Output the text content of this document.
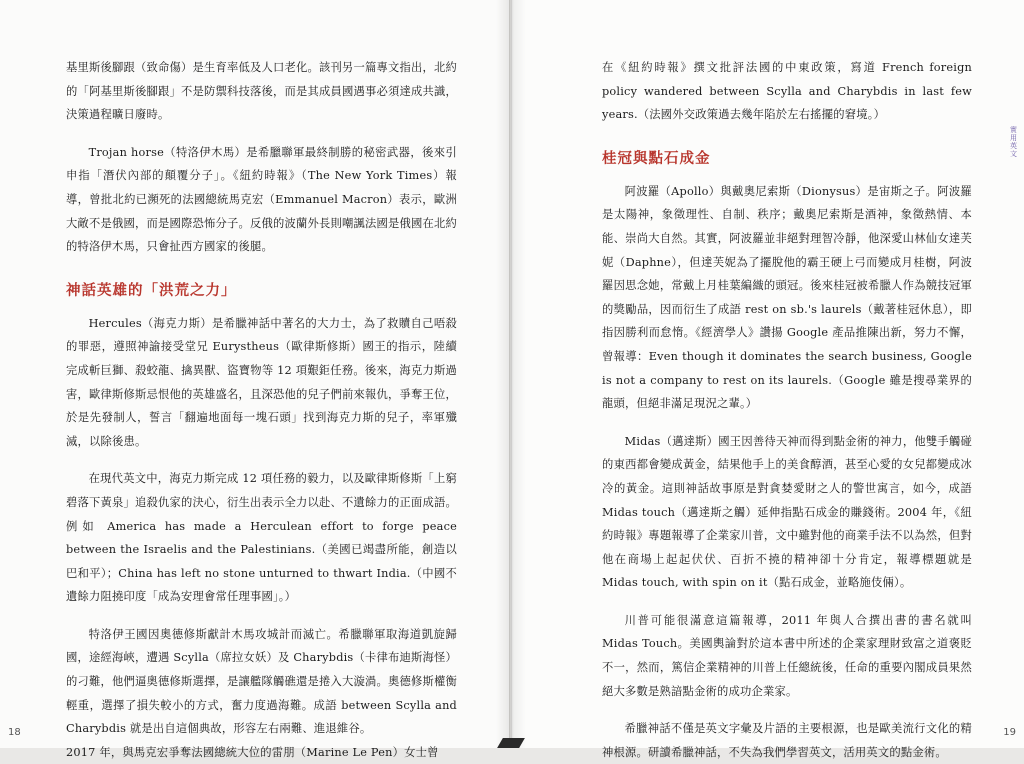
基里斯後腳跟（致命傷）是生育率低及人口老化。該刊另一篇專文指出，北約的「阿基里斯後腳跟」不是防禦科技落後，而是其成員國遇事必須達成共識，決策過程曠日廢時。

Trojan horse（特洛伊木馬）是希臘聯軍最終制勝的秘密武器，後來引申指「潛伏內部的顛覆分子」。《紐約時報》（The New York Times）報導，曾批北約已瀕死的法國總統馬克宏（Emmanuel Macron）表示，歐洲大敵不是俄國，而是國際恐怖分子。反俄的波蘭外長則嘲諷法國是俄國在北約的特洛伊木馬，只會扯西方國家的後腿。

神話英雄的「洪荒之力」

Hercules（海克力斯）是希臘神話中著名的大力士，為了救贖自己唔殺的罪惡，遵照神諭接受堂兄 Eurystheus（歐律斯修斯）國王的指示，陸續完成斬巨獅、殺蛟龍、擒異獸、盜寶物等 12 項艱鉅任務。後來，海克力斯過害，歐律斯修斯忌恨他的英雄盛名，且深恐他的兒子們前來報仇，爭奪王位，於是先發制人，誓言「翻遍地面每一塊石頭」找到海克力斯的兒子，率軍殲滅，以除後患。

在現代英文中，海克力斯完成 12 項任務的毅力，以及歐律斯修斯「上窮碧落下黃泉」追殺仇家的決心，衍生出表示全力以赴、不遺餘力的正面成語。例如 America has made a Herculean effort to forge peace between the Israelis and the Palestinians.（美國已竭盡所能，創造以巴和平）；China has left no stone unturned to thwart India.（中國不遺餘力阻撓印度「成為安理會常任理事國」。）

特洛伊王國因奧德修斯獻計木馬攻城計而滅亡。希臘聯軍取海道凱旋歸國，途經海峽，遭遇 Scylla（席拉女妖）及 Charybdis（卡律布迪斯海怪）的刁難，他們逼奧德修斯選擇，是讓艦隊觸礁還是捲入大漩渦。奧德修斯權衡輕重，選擇了損失較小的方式，奮力度過海難。成語 between Scylla and Charybdis 就是出自這個典故，形容左右兩難、進退維谷。

2017 年，與馬克宏爭奪法國總統大位的雷朋（Marine Le Pen）女士曾

18

在《紐約時報》撰文批評法國的中東政策，寫道 French foreign policy wandered between Scylla and Charybdis in last few years.（法國外交政策過去幾年陷於左右搖擺的窘境。）

桂冠與點石成金

阿波羅（Apollo）與戴奧尼索斯（Dionysus）是宙斯之子。阿波羅是太陽神，象徵理性、自制、秩序；戴奧尼索斯是酒神，象徵熱情、本能、崇尚大自然。其實，阿波羅並非絕對理智冷靜，他深愛山林仙女達芙妮（Daphne），但達芙妮為了擺脫他的霸王硬上弓而變成月桂樹，阿波羅因思念她，常戴上月桂葉編織的頭冠。後來桂冠被希臘人作為競技冠軍的獎勵品，因而衍生了成語 rest on sb.'s laurels（戴著桂冠休息），即指因勝利而怠惰。《經濟學人》讚揚 Google 產品推陳出新，努力不懈，曾報導：Even though it dominates the search business, Google is not a company to rest on its laurels.（Google 雖是搜尋業界的龍頭，但絕非滿足現況之輩。）

Midas（邁達斯）國王因善待天神而得到點金術的神力，他雙手觸碰的東西都會變成黃金，結果他手上的美食醇酒，甚至心愛的女兒都變成冰冷的黃金。這則神話故事原是對貪婪愛財之人的警世寓言，如今，成語 Midas touch（邁達斯之觸）延伸指點石成金的賺錢術。2004 年，《紐約時報》專題報導了企業家川普，文中雖對他的商業手法不以為然，但對他在商場上起起伏伏、百折不撓的精神卻十分肯定，報導標題就是 Midas touch, with spin on it（點石成金，並略施伎倆）。

川普可能很滿意這篇報導，2011 年與人合撰出書的書名就叫 Midas Touch。美國輿論對於這本書中所述的企業家理財致富之道褒貶不一，然而，篤信企業精神的川普上任總統後，任命的重要內閣成員果然絕大多數是熟諳點金術的成功企業家。

希臘神話不僅是英文字彙及片語的主要根源，也是歐美流行文化的精神根源。研讀希臘神話，不失為我們學習英文，活用英文的點金術。

19
實用英文
